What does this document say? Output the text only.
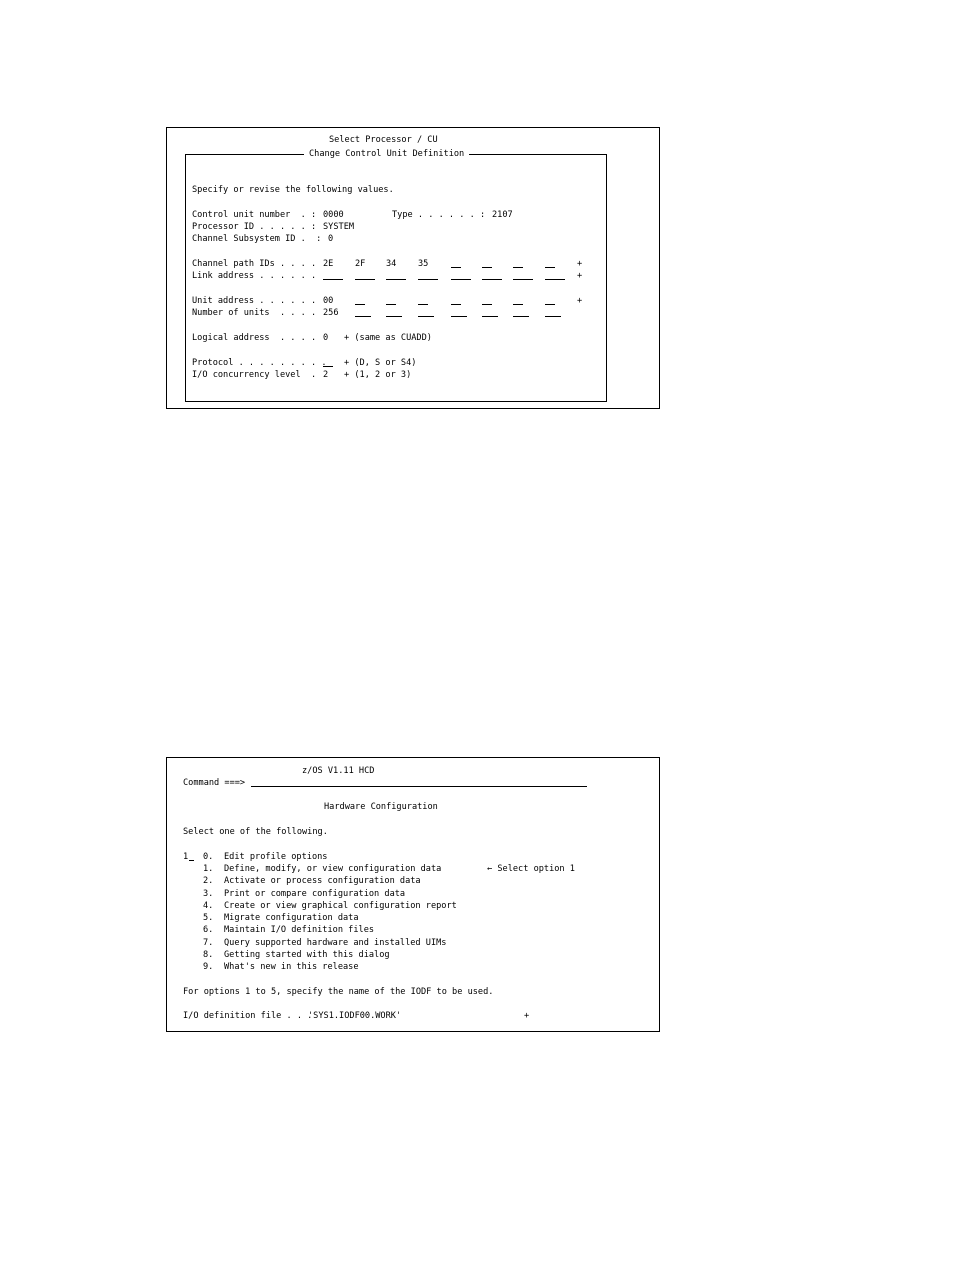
Select Processor / CU
Change Control Unit Definition
Specify or revise the following values.
Control unit number  . : 0000	Type . . . . . . : 2107
Processor ID . . . . . : SYSTEM
Channel Subsystem ID .  : 0
Channel path IDs . . . . 2E	2F 34	35	+
Link address . . . . . .	+
Unit address . . . . . . 00	+
Number of units  . . . . 256
Logical address  . . . . 0 + (same as CUADD)
Protocol . . . . . . . . . + (D, S or S4)
I/O concurrency level  . 2 + (1, 2 or 3)
z/OS V1.11 HCD
Command ===>
Hardware Configuration
Select one of the following.
1 0. Edit profile options
1. Define, modify, or view configuration data	← Select option 1
2. Activate or process configuration data
3. Print or compare configuration data
4. Create or view graphical configuration report
5. Migrate configuration data
6. Maintain I/O definition files
7. Query supported hardware and installed UIMs
8. Getting started with this dialog
9. What's new in this release
For options 1 to 5, specify the name of the IODF to be used.
I/O definition file . . .
'SYS1.IODF00.WORK'	+
